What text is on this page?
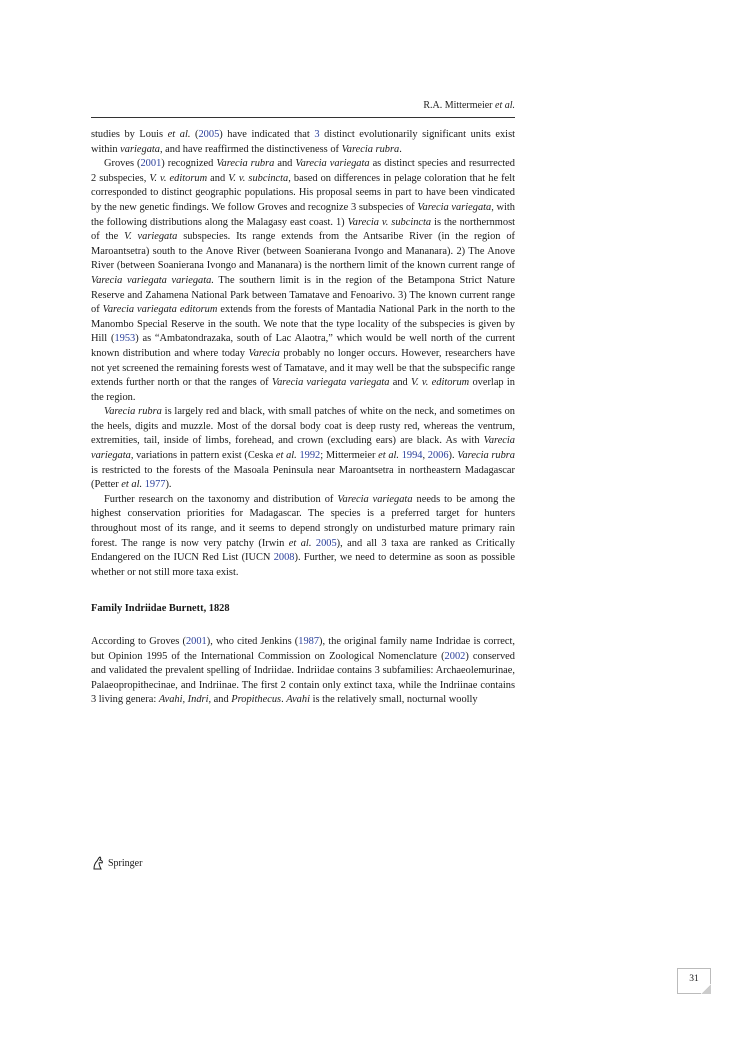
R.A. Mittermeier et al.

studies by Louis et al. (2005) have indicated that 3 distinct evolutionarily significant units exist within variegata, and have reaffirmed the distinctiveness of Varecia rubra.

Groves (2001) recognized Varecia rubra and Varecia variegata as distinct species and resurrected 2 subspecies, V. v. editorum and V. v. subcincta, based on differences in pelage coloration that he felt corresponded to distinct geographic populations. His proposal seems in part to have been vindicated by the new genetic findings. We follow Groves and recognize 3 subspecies of Varecia variegata, with the following distributions along the Malagasy east coast. 1) Varecia v. subcincta is the northernmost of the V. variegata subspecies. Its range extends from the Antsaribe River (in the region of Maroantsetra) south to the Anove River (between Soanierana Ivongo and Mananara). 2) The Anove River (between Soanierana Ivongo and Mananara) is the northern limit of the known current range of Varecia variegata variegata. The southern limit is in the region of the Betampona Strict Nature Reserve and Zahamena National Park between Tamatave and Fenoarivo. 3) The known current range of Varecia variegata editorum extends from the forests of Mantadia National Park in the north to the Manombo Special Reserve in the south. We note that the type locality of the subspecies is given by Hill (1953) as “Ambatondrazaka, south of Lac Alaotra,” which would be well north of the current known distribution and where today Varecia probably no longer occurs. However, researchers have not yet screened the remaining forests west of Tamatave, and it may well be that the subspecific range extends further north or that the ranges of Varecia variegata variegata and V. v. editorum overlap in the region.

Varecia rubra is largely red and black, with small patches of white on the neck, and sometimes on the heels, digits and muzzle. Most of the dorsal body coat is deep rusty red, whereas the ventrum, extremities, tail, inside of limbs, forehead, and crown (excluding ears) are black. As with Varecia variegata, variations in pattern exist (Ceska et al. 1992; Mittermeier et al. 1994, 2006). Varecia rubra is restricted to the forests of the Masoala Peninsula near Maroantsetra in northeastern Madagascar (Petter et al. 1977).

Further research on the taxonomy and distribution of Varecia variegata needs to be among the highest conservation priorities for Madagascar. The species is a preferred target for hunters throughout most of its range, and it seems to depend strongly on undisturbed mature primary rain forest. The range is now very patchy (Irwin et al. 2005), and all 3 taxa are ranked as Critically Endangered on the IUCN Red List (IUCN 2008). Further, we need to determine as soon as possible whether or not still more taxa exist.

Family Indriidae Burnett, 1828

According to Groves (2001), who cited Jenkins (1987), the original family name Indridae is correct, but Opinion 1995 of the International Commission on Zoological Nomenclature (2002) conserved and validated the prevalent spelling of Indriidae. Indriidae contains 3 subfamilies: Archaeolemurinae, Palaeopropithecinae, and Indriinae. The first 2 contain only extinct taxa, while the Indriinae contains 3 living genera: Avahi, Indri, and Propithecus. Avahi is the relatively small, nocturnal woolly

Springer
31
